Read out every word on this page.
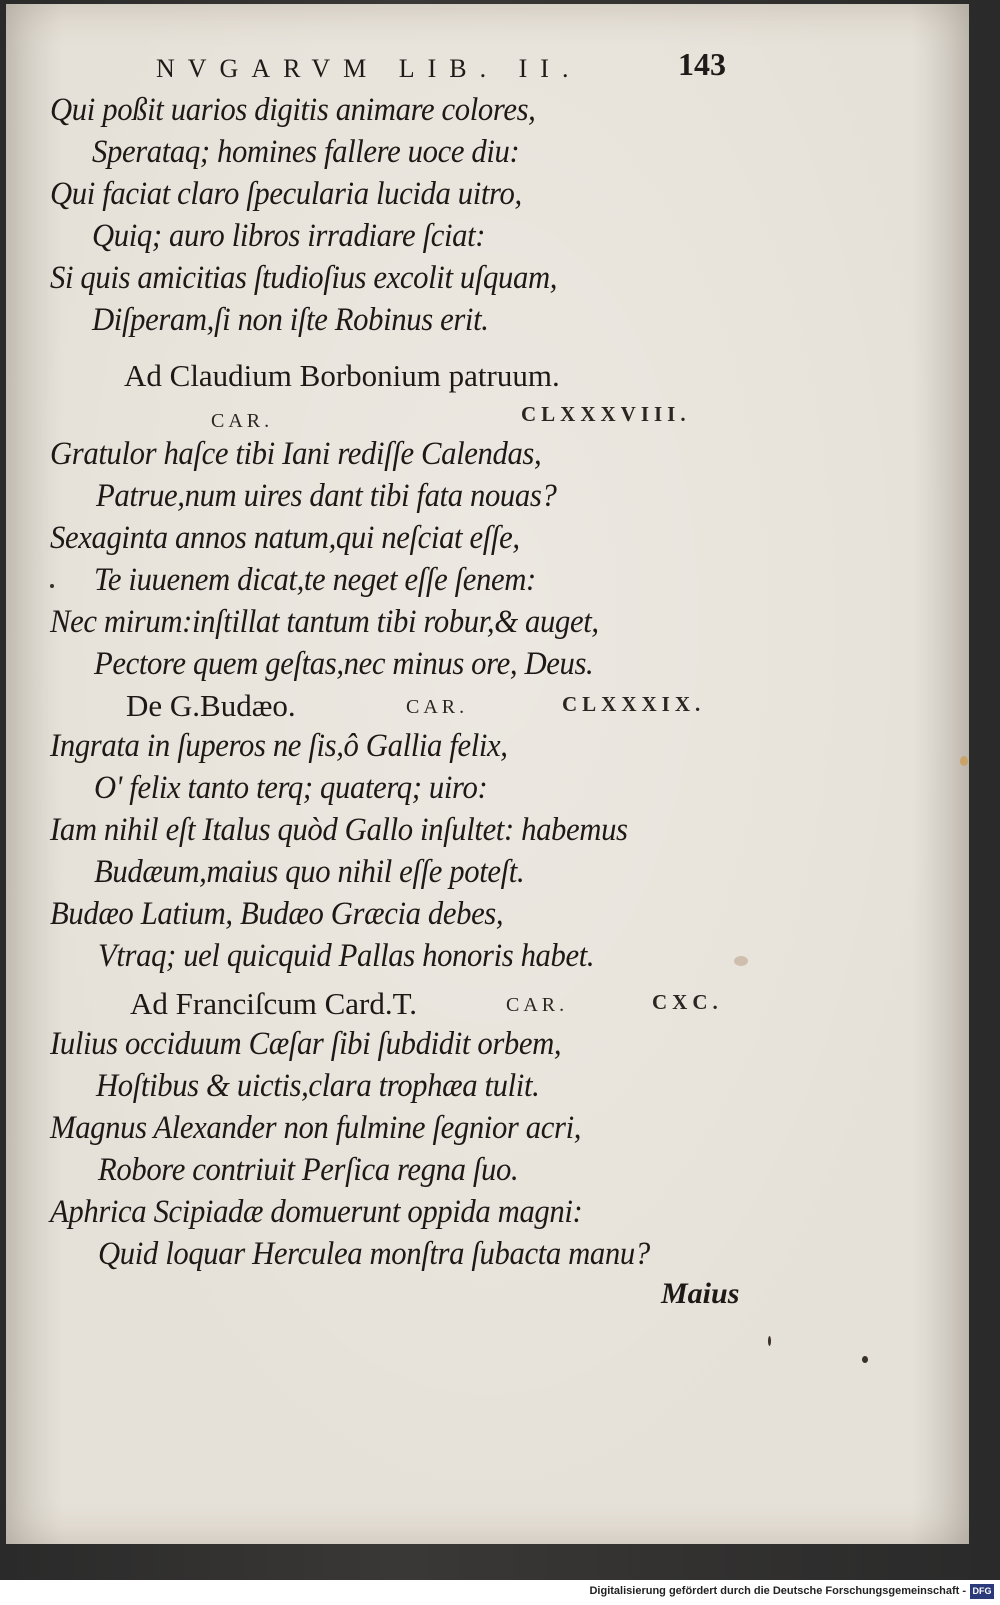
NVGARVM LIB. II.	143
Qui poßit uarios digitis animare colores,
Sperataq; homines fallere uoce diu:
Qui faciat claro ſpecularia lucida uitro,
Quiq; auro libros irradiare ſciat:
Si quis amicitias ſtudioſius excolit uſquam,
Diſperam,ſi non iſte Robinus erit.
Ad Claudium Borbonium patruum.
CAR.	CLXXXVIII.
Gratulor haſce tibi Iani rediſſe Calendas,
Patrue,num uires dant tibi fata nouas?
Sexaginta annos natum,qui neſciat eſſe,
Te iuuenem dicat,te neget eſſe ſenem:
Nec mirum:inſtillat tantum tibi robur,& auget,
Pectore quem geſtas,nec minus ore, Deus.
De G.Budæo.	CAR.	CLXXXIX.
Ingrata in ſuperos ne ſis,ô Gallia felix,
O' felix tanto terq; quaterq; uiro:
Iam nihil eſt Italus quòd Gallo inſultet: habemus
Budæum,maius quo nihil eſſe poteſt.
Budæo Latium, Budæo Græcia debes,
Vtraq; uel quicquid Pallas honoris habet.
Ad Franciſcum Card.T.	CAR.	CXC.
Iulius occiduum Cæſar ſibi ſubdidit orbem,
Hoſtibus & uictis,clara trophæa tulit.
Magnus Alexander non fulmine ſegnior acri,
Robore contriuit Perſica regna ſuo.
Aphrica Scipiadæ domuerunt oppida magni:
Quid loquar Herculea monſtra ſubacta manu?
Maius
Digitalisierung gefördert durch die Deutsche Forschungsgemeinschaft - DFG
